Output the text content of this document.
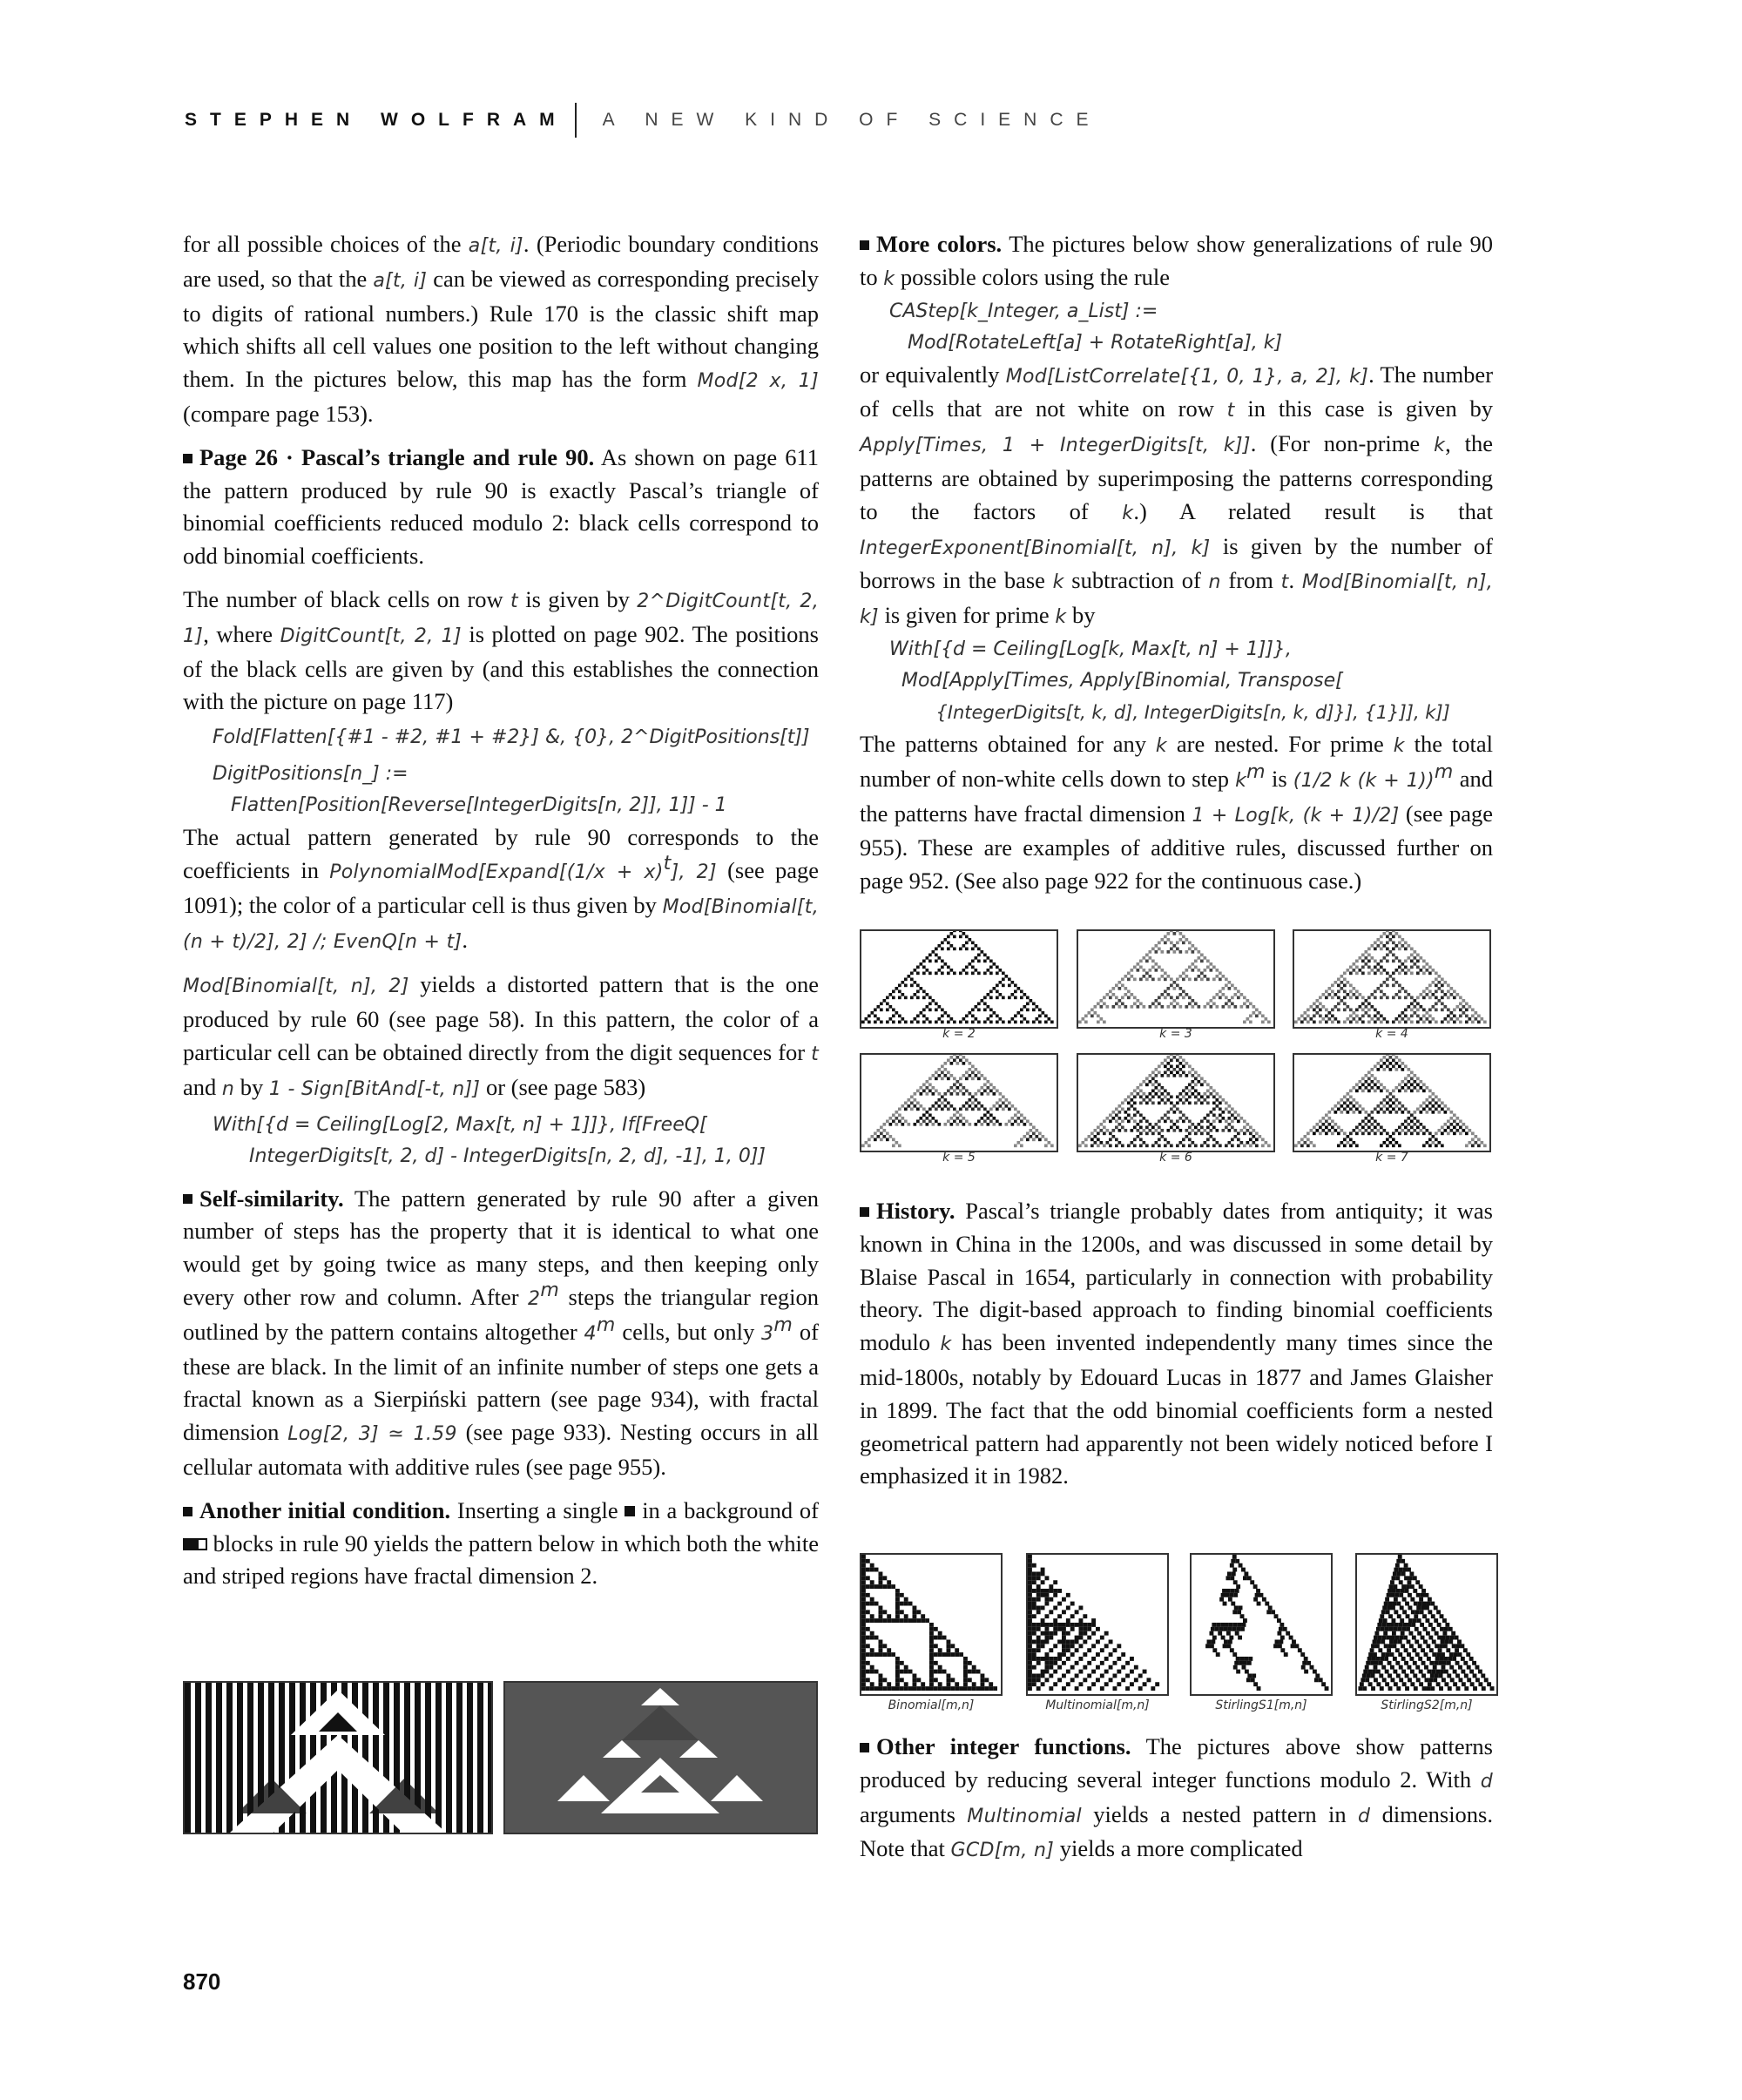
STEPHEN WOLFRAM A NEW KIND OF SCIENCE

for all possible choices of the a[t, i]. (Periodic boundary conditions are used, so that the a[t, i] can be viewed as corresponding precisely to digits of rational numbers.) Rule 170 is the classic shift map which shifts all cell values one position to the left without changing them. In the pictures below, this map has the form Mod[2 x, 1] (compare page 153).

Page 26 · Pascal’s triangle and rule 90. As shown on page 611 the pattern produced by rule 90 is exactly Pascal’s triangle of binomial coefficients reduced modulo 2: black cells correspond to odd binomial coefficients.

The number of black cells on row t is given by 2^DigitCount[t, 2, 1], where DigitCount[t, 2, 1] is plotted on page 902. The positions of the black cells are given by (and this establishes the connection with the picture on page 117)

Fold[Flatten[{#1 - #2, #1 + #2}] &, {0}, 2^DigitPositions[t]]
DigitPositions[n_] :=
Flatten[Position[Reverse[IntegerDigits[n, 2]], 1]] - 1

The actual pattern generated by rule 90 corresponds to the coefficients in PolynomialMod[Expand[(1/x + x)$^t$], 2] (see page 1091); the color of a particular cell is thus given by Mod[Binomial[t, (n + t)/2], 2] /; EvenQ[n + t].

Mod[Binomial[t, n], 2] yields a distorted pattern that is the one produced by rule 60 (see page 58). In this pattern, the color of a particular cell can be obtained directly from the digit sequences for t and n by 1 - Sign[BitAnd[-t, n]] or (see page 583)

With[{d = Ceiling[Log[2, Max[t, n] + 1]]}, If[FreeQ[
IntegerDigits[t, 2, d] - IntegerDigits[n, 2, d], -1], 1, 0]]

Self-similarity. The pattern generated by rule 90 after a given number of steps has the property that it is identical to what one would get by going twice as many steps, and then keeping only every other row and column. After 2$^m$ steps the triangular region outlined by the pattern contains altogether 4$^m$ cells, but only 3$^m$ of these are black. In the limit of an infinite number of steps one gets a fractal known as a Sierpiński pattern (see page 934), with fractal dimension Log[2, 3] ≃ 1.59 (see page 933). Nesting occurs in all cellular automata with additive rules (see page 955).

Another initial condition. Inserting a single  in a background of  blocks in rule 90 yields the pattern below in which both the white and striped regions have fractal dimension 2.

More colors. The pictures below show generalizations of rule 90 to k possible colors using the rule

CAStep[k_Integer, a_List] :=
Mod[RotateLeft[a] + RotateRight[a], k]

or equivalently Mod[ListCorrelate[{1, 0, 1}, a, 2], k]. The number of cells that are not white on row t in this case is given by Apply[Times, 1 + IntegerDigits[t, k]]. (For non-prime k, the patterns are obtained by superimposing the patterns corresponding to the factors of k.) A related result is that IntegerExponent[Binomial[t, n], k] is given by the number of borrows in the base k subtraction of n from t. Mod[Binomial[t, n], k] is given for prime k by

With[{d = Ceiling[Log[k, Max[t, n] + 1]]},
Mod[Apply[Times, Apply[Binomial, Transpose[
{IntegerDigits[t, k, d], IntegerDigits[n, k, d]}], {1}]], k]]

The patterns obtained for any k are nested. For prime k the total number of non-white cells down to step $k^m$ is (1/2 k (k + 1))$^m$ and the patterns have fractal dimension 1 + Log[k, (k + 1)/2] (see page 955). These are examples of additive rules, discussed further on page 952. (See also page 922 for the continuous case.)

k = 2	k = 3	k = 4
k = 5	k = 6	k = 7

History. Pascal’s triangle probably dates from antiquity; it was known in China in the 1200s, and was discussed in some detail by Blaise Pascal in 1654, particularly in connection with probability theory. The digit-based approach to finding binomial coefficients modulo k has been invented independently many times since the mid-1800s, notably by Edouard Lucas in 1877 and James Glaisher in 1899. The fact that the odd binomial coefficients form a nested geometrical pattern had apparently not been widely noticed before I emphasized it in 1982.

Binomial[m,n]	Multinomial[m,n]	StirlingS1[m,n]	StirlingS2[m,n]

Other integer functions. The pictures above show patterns produced by reducing several integer functions modulo 2. With d arguments Multinomial yields a nested pattern in d dimensions. Note that GCD[m, n] yields a more complicated

870
